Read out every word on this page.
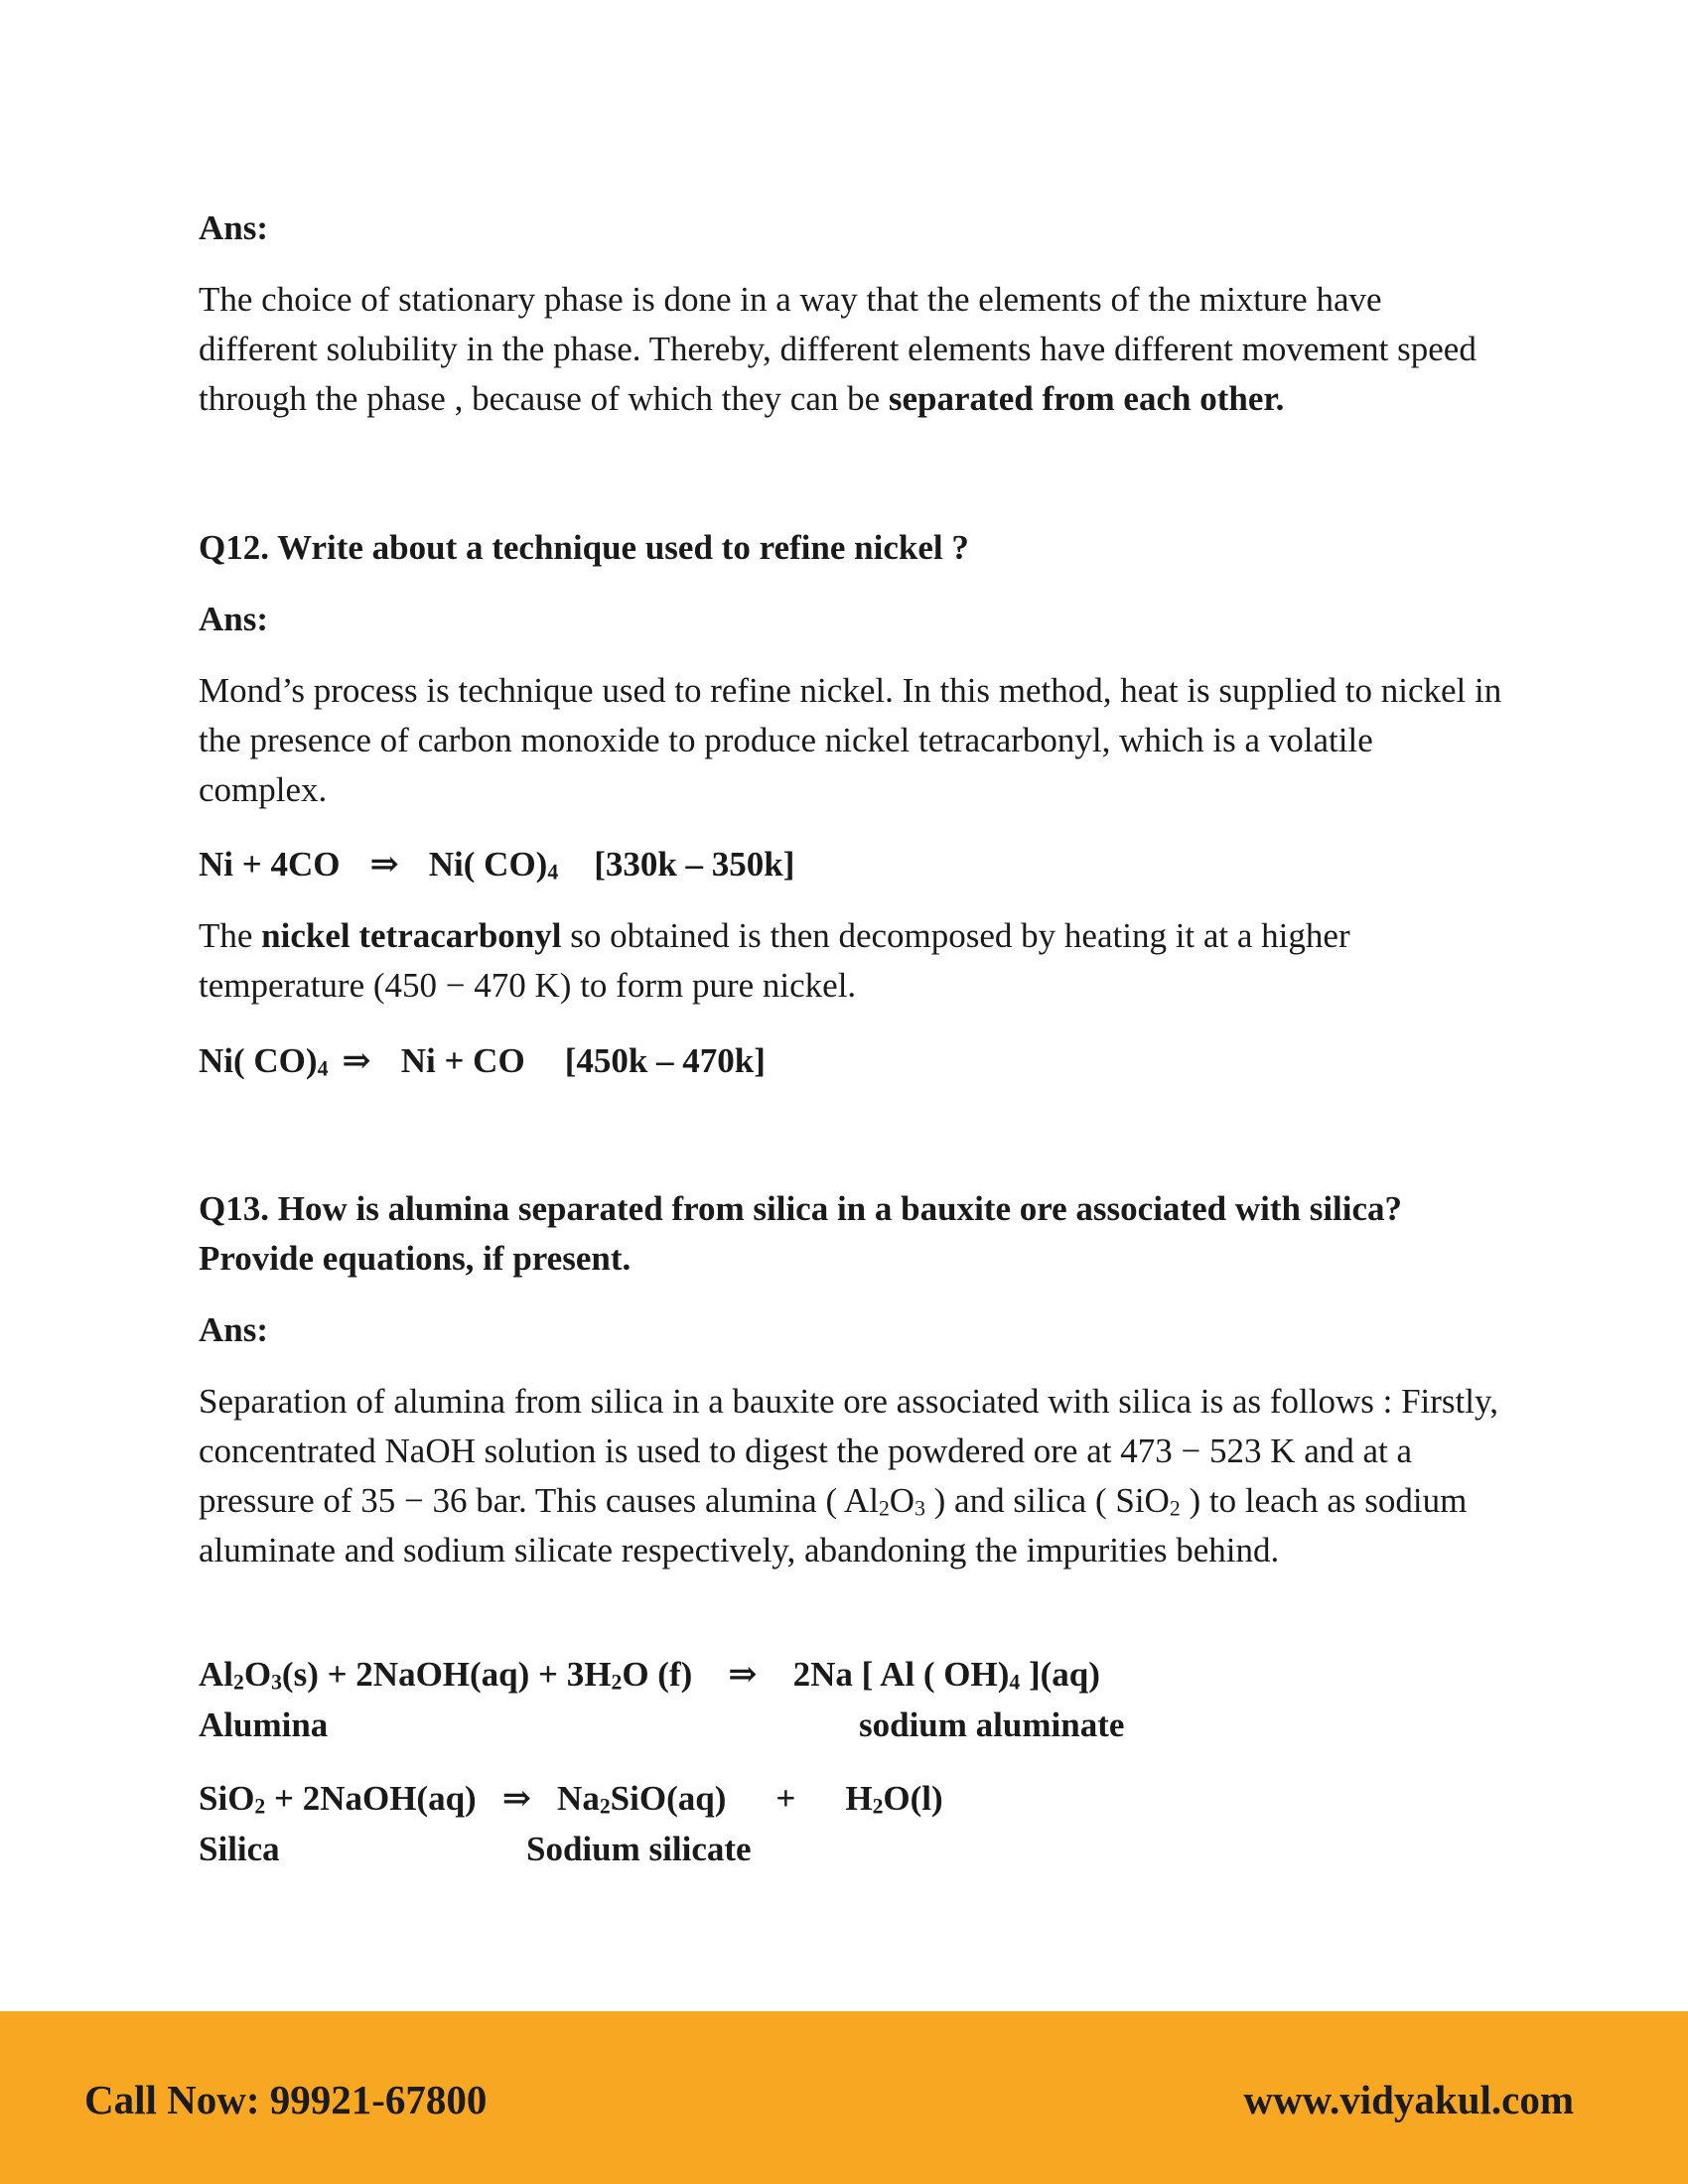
Ans:

The choice of stationary phase is done in a way that the elements of the mixture have different solubility in the phase. Thereby, different elements have different movement speed through the phase , because of which they can be separated from each other.

Q12. Write about a technique used to refine nickel ?

Ans:

Mond’s process is technique used to refine nickel. In this method, heat is supplied to nickel in the presence of carbon monoxide to produce nickel tetracarbonyl, which is a volatile complex.

Ni + 4CO ⇒ Ni( CO)4 [330k – 350k]

The nickel tetracarbonyl so obtained is then decomposed by heating it at a higher temperature (450 − 470 K) to form pure nickel.

Ni( CO)4 ⇒ Ni + CO [450k – 470k]

Q13. How is alumina separated from silica in a bauxite ore associated with silica?
Provide equations, if present.

Ans:

Separation of alumina from silica in a bauxite ore associated with silica is as follows : Firstly, concentrated NaOH solution is used to digest the powdered ore at 473 − 523 K and at a pressure of 35 − 36 bar. This causes alumina ( Al2O3 ) and silica ( SiO2 ) to leach as sodium aluminate and sodium silicate respectively, abandoning the impurities behind.

Al2O3(s) + 2NaOH(aq) + 3H2O (f) ⇒ 2Na [ Al ( OH)4 ](aq)

Alumina	sodium aluminate

SiO2 + 2NaOH(aq) ⇒ Na2SiO(aq) + H2O(l)

Silica	Sodium silicate

Call Now: 99921-67800	www.vidyakul.com
